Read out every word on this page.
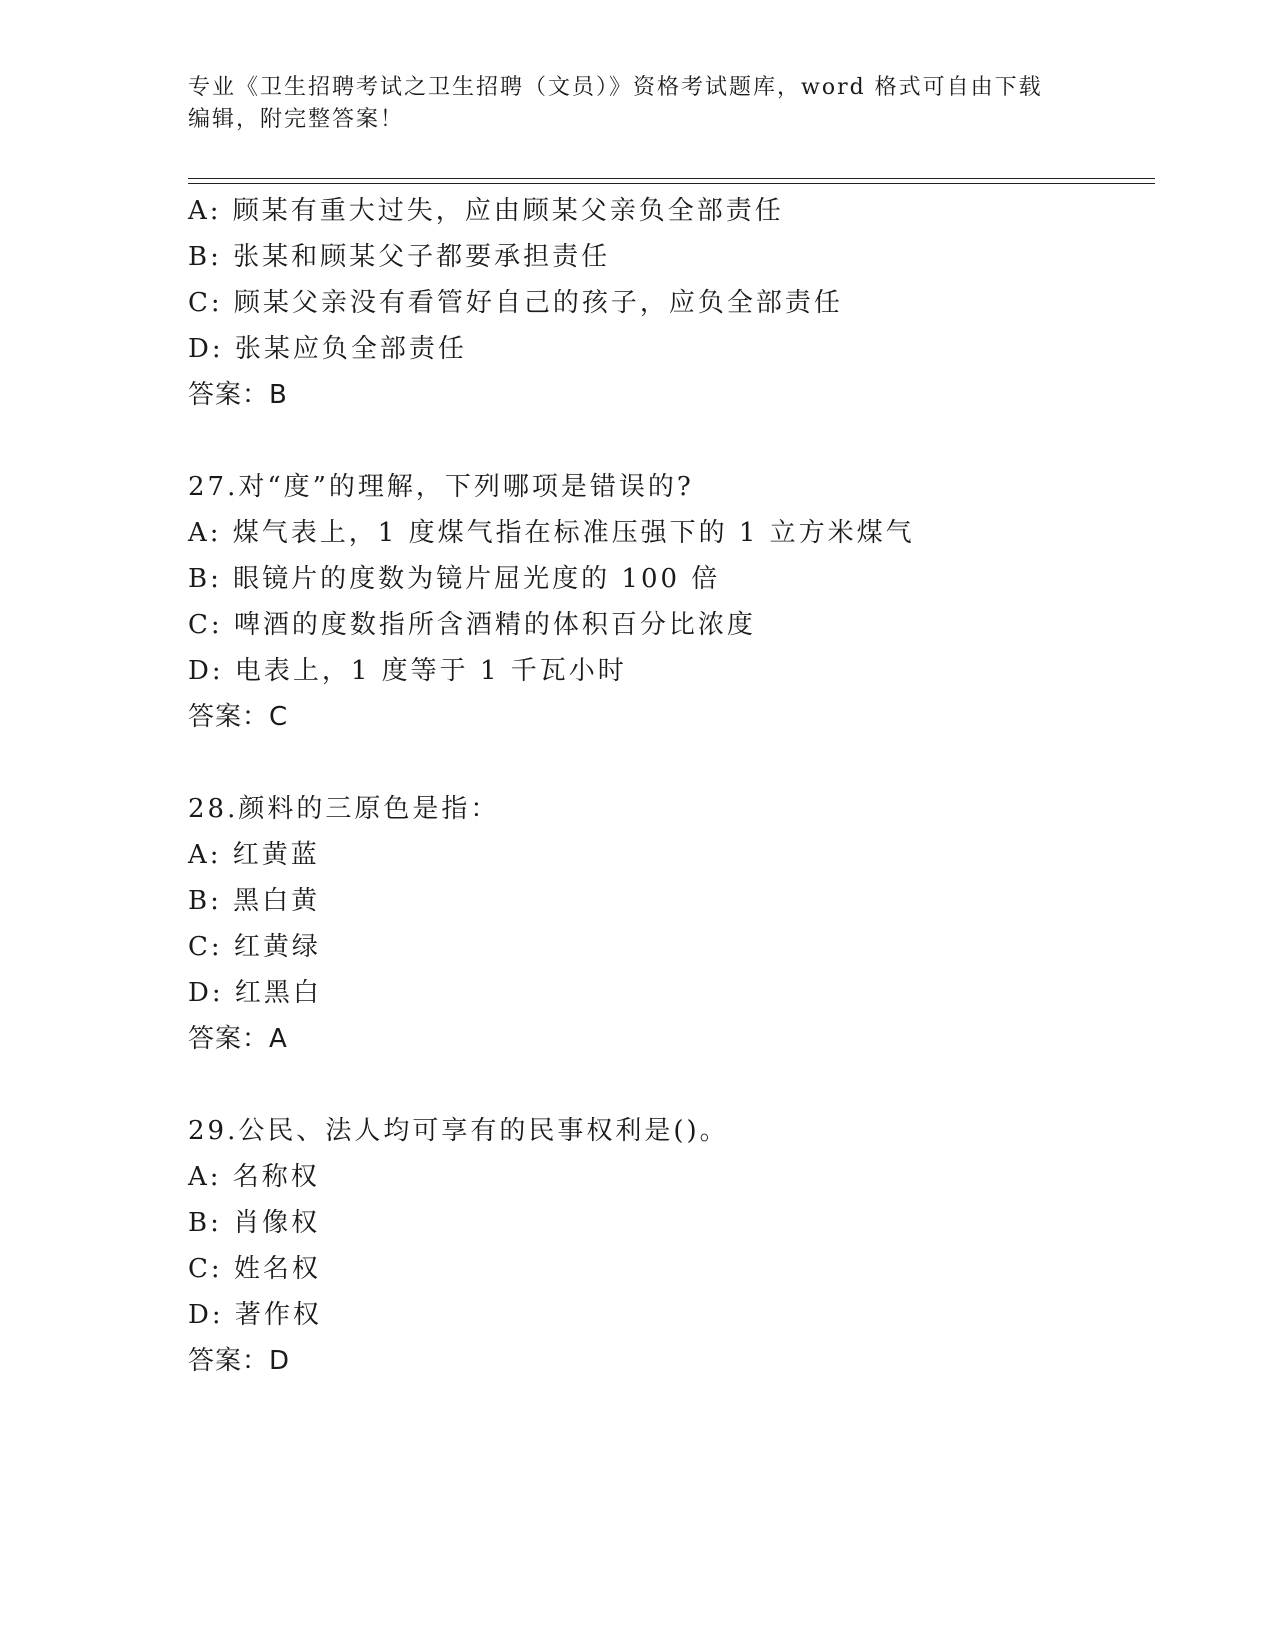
专业《卫生招聘考试之卫生招聘（文员）》资格考试题库，word 格式可自由下载
编辑，附完整答案！
A: 顾某有重大过失，应由顾某父亲负全部责任
B: 张某和顾某父子都要承担责任
C: 顾某父亲没有看管好自己的孩子，应负全部责任
D: 张某应负全部责任
答案：B
27.对“度”的理解，下列哪项是错误的?
A: 煤气表上，1 度煤气指在标准压强下的 1 立方米煤气
B: 眼镜片的度数为镜片屈光度的 100 倍
C: 啤酒的度数指所含酒精的体积百分比浓度
D: 电表上，1 度等于 1 千瓦小时
答案：C
28.颜料的三原色是指：
A: 红黄蓝
B: 黑白黄
C: 红黄绿
D: 红黑白
答案：A
29.公民、法人均可享有的民事权利是()。
A: 名称权
B: 肖像权
C: 姓名权
D: 著作权
答案：D
